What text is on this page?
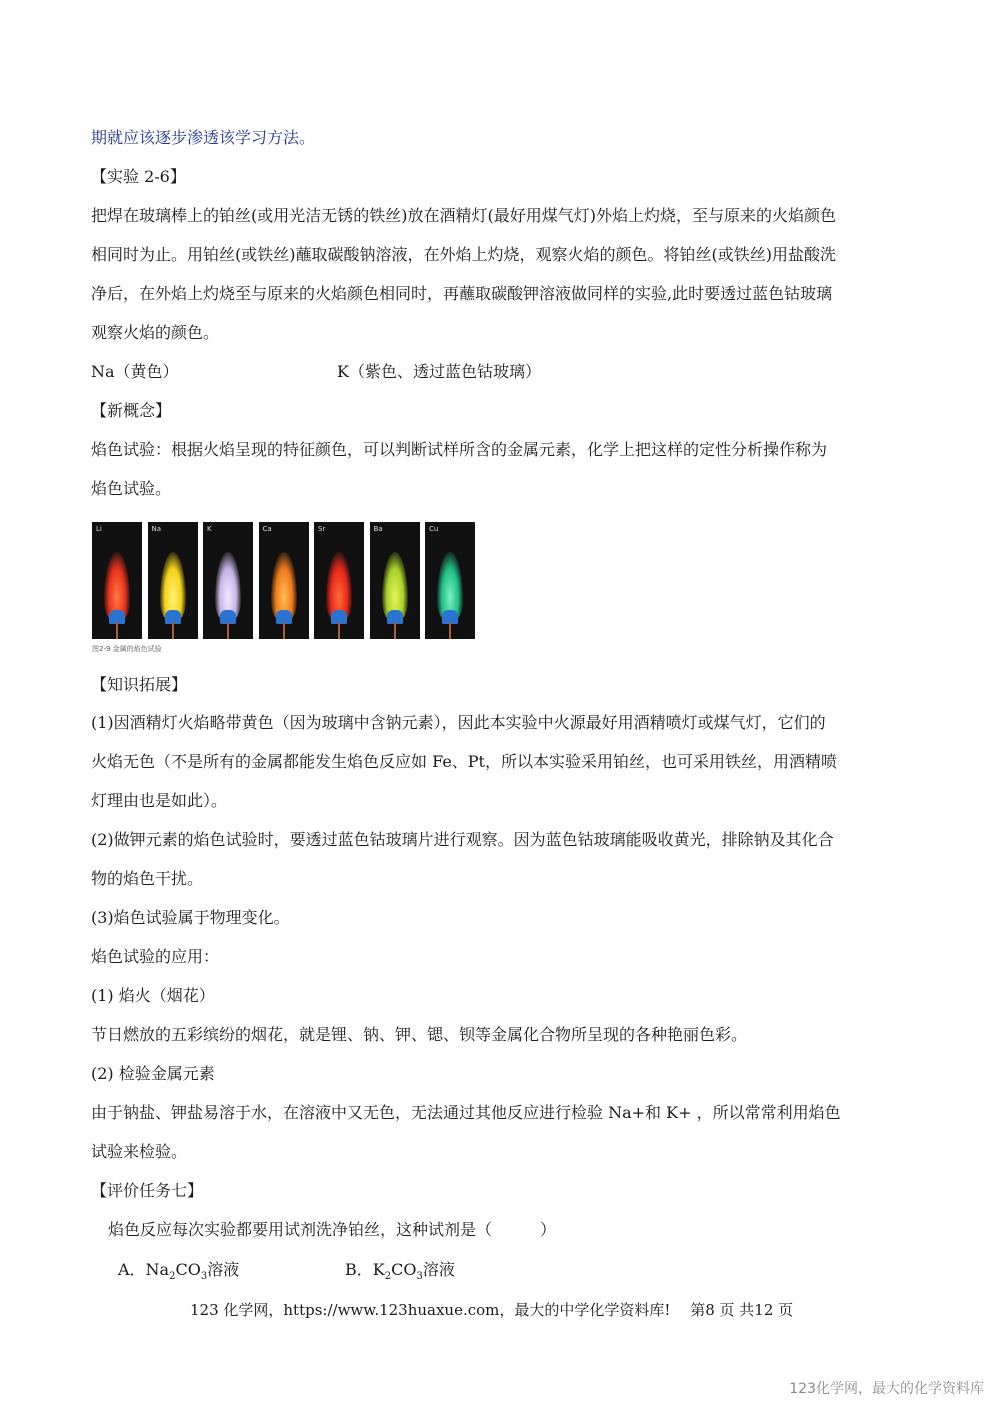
期就应该逐步渗透该学习方法。
【实验 2-6】
把焊在玻璃棒上的铂丝(或用光洁无锈的铁丝)放在酒精灯(最好用煤气灯)外焰上灼烧，至与原来的火焰颜色
相同时为止。用铂丝(或铁丝)蘸取碳酸钠溶液，在外焰上灼烧，观察火焰的颜色。将铂丝(或铁丝)用盐酸洗
净后，在外焰上灼烧至与原来的火焰颜色相同时，再蘸取碳酸钾溶液做同样的实验,此时要透过蓝色钴玻璃
观察火焰的颜色。
Na（黄色）	K（紫色、透过蓝色钴玻璃）
【新概念】
焰色试验：根据火焰呈现的特征颜色，可以判断试样所含的金属元素，化学上把这样的定性分析操作称为
焰色试验。
Li	Na	K	Ca	Sr	Ba	Cu
图2-9 金属的焰色试验
【知识拓展】
(1)因酒精灯火焰略带黄色（因为玻璃中含钠元素），因此本实验中火源最好用酒精喷灯或煤气灯，它们的
火焰无色（不是所有的金属都能发生焰色反应如 Fe、Pt，所以本实验采用铂丝，也可采用铁丝，用酒精喷
灯理由也是如此）。
(2)做钾元素的焰色试验时，要透过蓝色钴玻璃片进行观察。因为蓝色钴玻璃能吸收黄光，排除钠及其化合
物的焰色干扰。
(3)焰色试验属于物理变化。
焰色试验的应用：
(1) 焰火（烟花）
节日燃放的五彩缤纷的烟花，就是锂、钠、钾、锶、钡等金属化合物所呈现的各种艳丽色彩。
(2) 检验金属元素
由于钠盐、钾盐易溶于水，在溶液中又无色，无法通过其他反应进行检验 Na+和 K+ ，所以常常利用焰色
试验来检验。
【评价任务七】
焰色反应每次实验都要用试剂洗净铂丝，这种试剂是（　　　）
A．$Na_2CO_3$溶液	B．$K_2CO_3$溶液
123 化学网，https://www.123huaxue.com，最大的中学化学资料库!　 第8 页 共12 页
123化学网，最大的化学资料库
